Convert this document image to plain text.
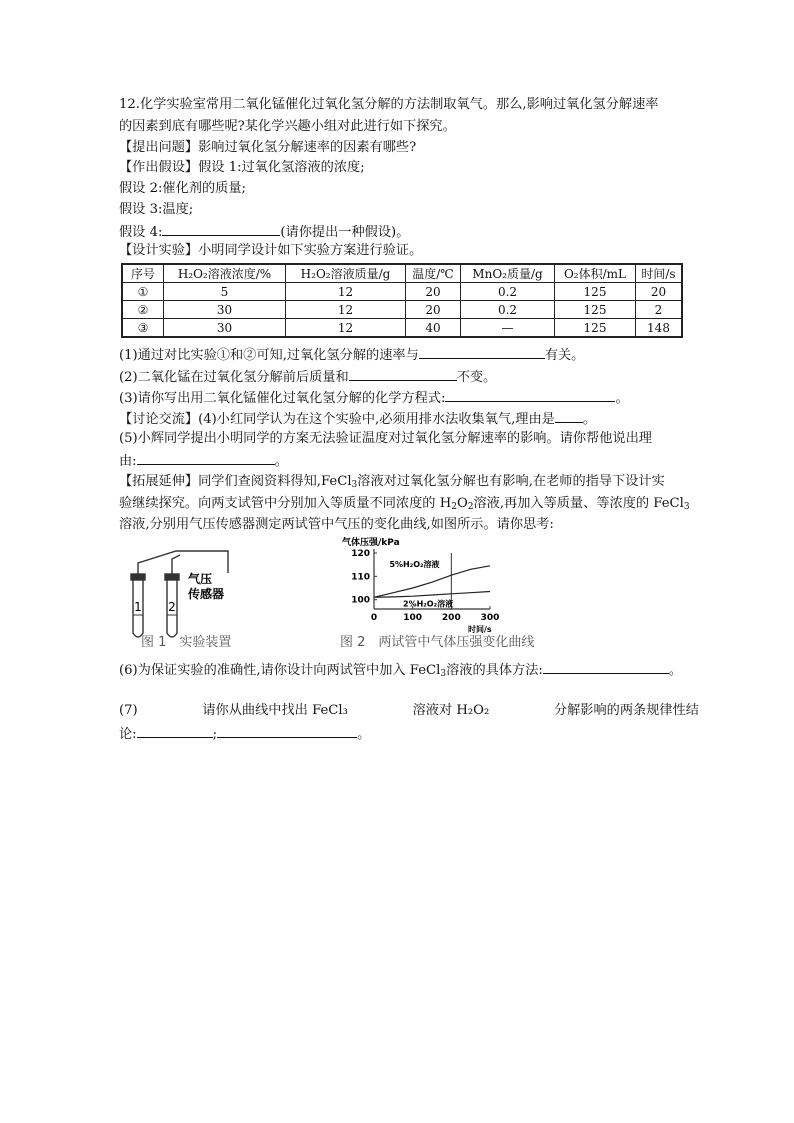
12.化学实验室常用二氧化锰催化过氧化氢分解的方法制取氧气。那么,影响过氧化氢分解速率
的因素到底有哪些呢?某化学兴趣小组对此进行如下探究。
【提出问题】影响过氧化氢分解速率的因素有哪些?
【作出假设】假设 1:过氧化氢溶液的浓度;
假设 2:催化剂的质量;
假设 3:温度;
假设 4:	(请你提出一种假设)。
【设计实验】小明同学设计如下实验方案进行验证。
序号	H₂O₂溶液浓度/%	H₂O₂溶液质量/g	温度/℃	MnO₂质量/g	O₂体积/mL	时间/s
①	5	12	20	0.2	125	20
②	30	12	20	0.2	125	2
③	30	12	40	—	125	148
(1)通过对比实验①和②可知,过氧化氢分解的速率与	有关。
(2)二氧化锰在过氧化氢分解前后质量和	不变。
(3)请你写出用二氧化锰催化过氧化氢分解的化学方程式:	。
【讨论交流】(4)小红同学认为在这个实验中,必须用排水法收集氧气,理由是 。
(5)小辉同学提出小明同学的方案无法验证温度对过氧化氢分解速率的影响。请你帮他说出理
由:	。
【拓展延伸】同学们查阅资料得知,FeCl$_3$溶液对过氧化氢分解也有影响,在老师的指导下设计实
验继续探究。向两支试管中分别加入等质量不同浓度的 $H_2O_2$溶液,再加入等质量、等浓度的 FeCl$_3$
溶液,分别用气压传感器测定两试管中气压的变化曲线,如图所示。请你思考:
1 2
气压
传感器
图 1　实验装置
气体压强/kPa
时间/s
100
110
120
0	100 200 300
5%H₂O₂溶液
2%H₂O₂溶液
图 2　两试管中气体压强变化曲线
(6)为保证实验的准确性,请你设计向两试管中加入 FeCl$_3$溶液的具体方法:	。
(7)	请你从曲线中找出 FeCl₃	溶液对 H₂O₂	分解影响的两条规律性结
论:	;	。
